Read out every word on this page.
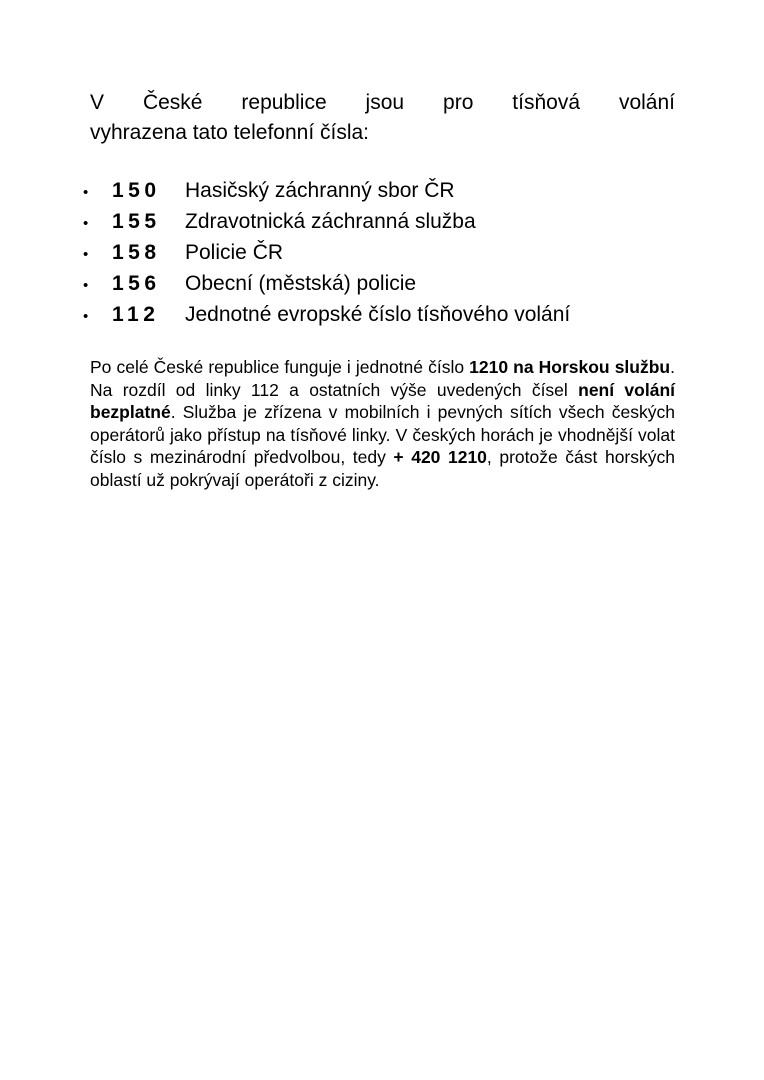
V České republice jsou pro tísňová volání
vyhrazena tato telefonní čísla:

•	150	Hasičský záchranný sbor ČR
•	155	Zdravotnická záchranná služba
•	158	Policie ČR
•	156	Obecní (městská) policie
•	112	Jednotné evropské číslo tísňového volání

Po celé České republice funguje i jednotné číslo 1210 na Horskou službu. Na rozdíl od linky 112 a ostatních výše uvedených čísel není volání bezplatné. Služba je zřízena v mobilních i pevných sítích všech českých operátorů jako přístup na tísňové linky. V českých horách je vhodnější volat číslo s mezinárodní předvolbou, tedy + 420 1210, protože část horských oblastí už pokrývají operátoři z ciziny.
